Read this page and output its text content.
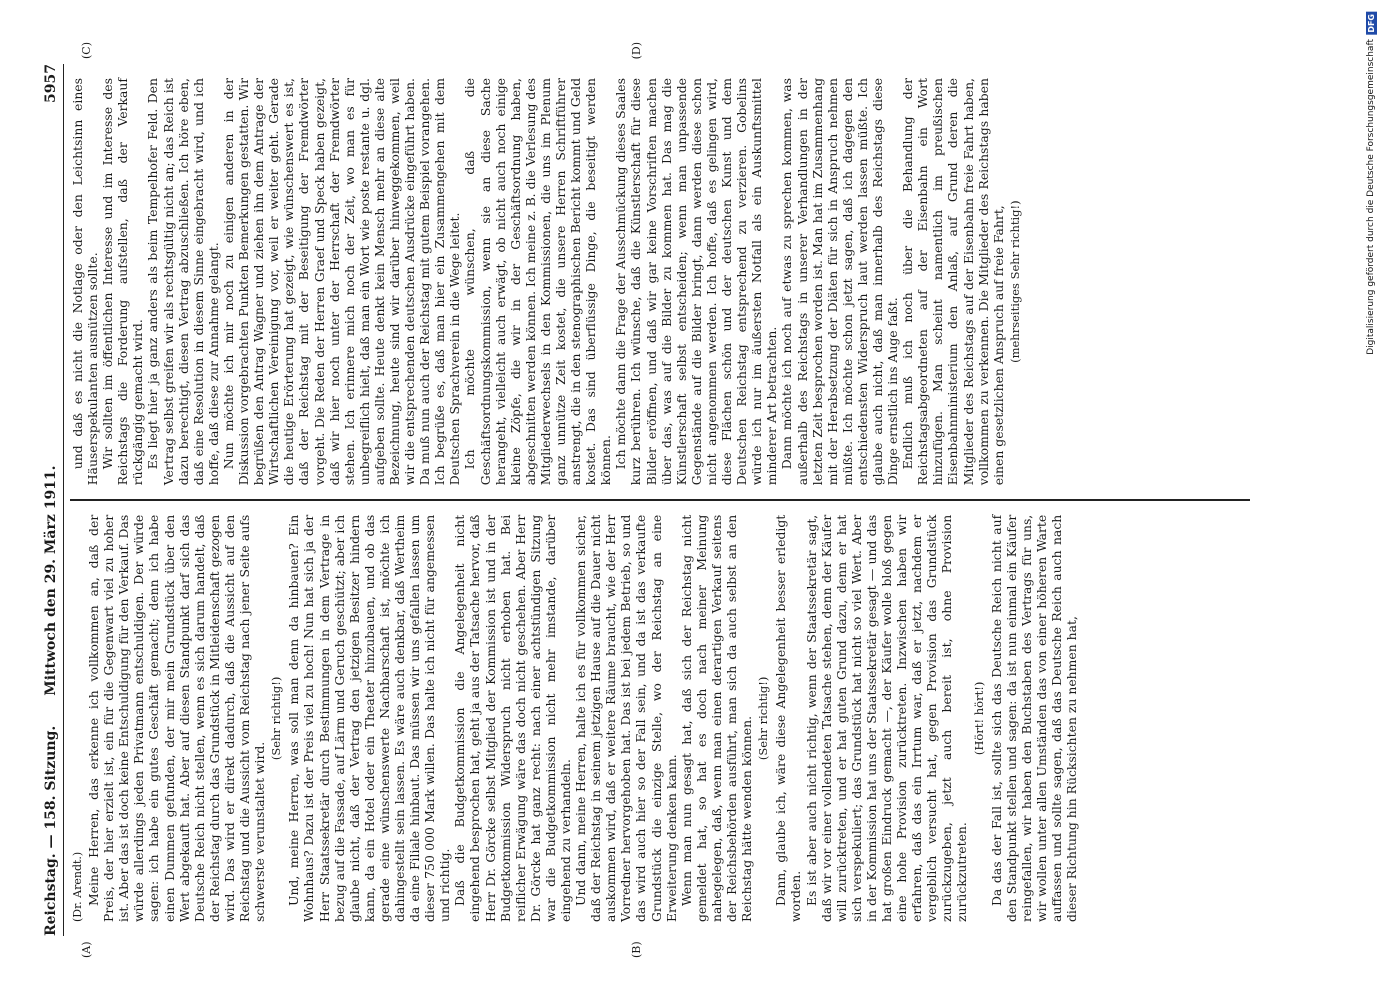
Reichstag. — 158. Sitzung.
Mittwoch den 29. März 1911.
5957
(A)	(B)
(C)	(D)

(Dr. Arendt.) Meine Herren, das erkenne ich vollkommen an, daß der Preis, der hier erzielt ist, ein für die Gegenwart viel zu hoher ist. Aber das ist doch keine Entschuldigung für den Verkauf. Das würde allerdings jeden Privatmann entschuldigen. Der würde sagen: ich habe ein gutes Geschäft gemacht; denn ich habe einen Dummen gefunden, der mir mein Grundstück über den Wert abgekauft hat. Aber auf diesen Standpunkt darf sich das Deutsche Reich nicht stellen, wenn es sich darum handelt, daß der Reichstag durch das Grundstück in Mitleidenschaft gezogen wird. Das wird er direkt dadurch, daß die Aussicht auf den Reichstag und die Aussicht vom Reichstag nach jener Seite aufs schwerste verunstaltet wird.

(Sehr richtig!) Und, meine Herren, was soll man denn da hinbauen? Ein Wohnhaus? Dazu ist der Preis viel zu hoch! Nun hat sich ja der Herr Staatssekretär durch Bestimmungen in dem Vertrage in bezug auf die Fassade, auf Lärm und Geruch geschützt; aber ich glaube nicht, daß der Vertrag den jetzigen Besitzer hindern kann, da ein Hotel oder ein Theater hinzubauen, und ob das gerade eine wünschenswerte Nachbarschaft ist, möchte ich dahingestellt sein lassen. Es wäre auch denkbar, daß Wertheim da eine Filiale hinbaut. Das müssen wir uns gefallen lassen um dieser 750 000 Mark willen. Das halte ich nicht für angemessen und richtig. Daß die Budgetkommission die Angelegenheit nicht eingehend besprochen hat, geht ja aus der Tatsache hervor, daß Herr Dr. Görcke selbst Mitglied der Kommission ist und in der Budgetkommission Widerspruch nicht erhoben hat. Bei reiflicher Erwägung wäre das doch nicht geschehen. Aber Herr Dr. Görcke hat ganz recht: nach einer achtstündigen Sitzung war die Budgetkommission nicht mehr imstande, darüber eingehend zu verhandeln. Und dann, meine Herren, halte ich es für vollkommen sicher, daß der Reichstag in seinem jetzigen Hause auf die Dauer nicht auskommen wird, daß er weitere Räume braucht, wie der Herr Vorredner hervorgehoben hat. Das ist bei jedem Betrieb, so und das wird auch hier so der Fall sein, und da ist das verkaufte Grundstück die einzige Stelle, wo der Reichstag an eine Erweiterung denken kann. Wenn man nun gesagt hat, daß sich der Reichstag nicht gemeldet hat, so hat es doch nach meiner Meinung nahegelegen, daß, wenn man einen derartigen Verkauf seitens der Reichsbehörden ausführt, man sich da auch selbst an den Reichstag hätte wenden können. (Sehr richtig!) Dann, glaube ich, wäre diese Angelegenheit besser erledigt worden. Es ist aber auch nicht richtig, wenn der Staatssekretär sagt, daß wir vor einer vollendeten Tatsache stehen, denn der Käufer will zurücktreten, und er hat guten Grund dazu, denn er hat sich verspekuliert; das Grundstück hat nicht so viel Wert. Aber in der Kommission hat uns der Staatssekretär gesagt — und das hat großen Eindruck gemacht —, der Käufer wolle bloß gegen eine hohe Provision zurücktreten. Inzwischen haben wir erfahren, daß das ein Irrtum war, daß er jetzt, nachdem er vergeblich versucht hat, gegen Provision das Grundstück zurückzugeben, jetzt auch bereit ist, ohne Provision zurückzutreten.

(Hört! hört!) Da das der Fall ist, sollte sich das Deutsche Reich nicht auf den Standpunkt stellen und sagen: da ist nun einmal ein Käufer reingefallen, wir haben den Buchstaben des Vertrags für uns, wir wollen unter allen Umständen das von einer höheren Warte auffassen und sollte sagen, daß das Deutsche Reich auch nach dieser Richtung hin Rücksichten zu nehmen hat,

und daß es nicht die Notlage oder den Leichtsinn eines Häuserspekulanten ausnützen sollte. Wir sollten im öffentlichen Interesse und im Interesse des Reichstags die Forderung aufstellen, daß der Verkauf rückgängig gemacht wird. Es liegt hier ja ganz anders als beim Tempelhofer Feld. Den Vertrag selbst greifen wir als rechtsgültig nicht an; das Reich ist dazu berechtigt, diesen Vertrag abzuschließen. Ich höre eben, daß eine Resolution in diesem Sinne eingebracht wird, und ich hoffe, daß diese zur Annahme gelangt. Nun möchte ich mir noch zu einigen anderen in der Diskussion vorgebrachten Punkten Bemerkungen gestatten. Wir begrüßen den Antrag Wagner und ziehen ihn dem Antrage der Wirtschaftlichen Vereinigung vor, weil er weiter geht. Gerade die heutige Erörterung hat gezeigt, wie wünschenswert es ist, daß der Reichstag mit der Beseitigung der Fremdwörter vorgeht. Die Reden der Herren Graef und Speck haben gezeigt, daß wir hier noch unter der Herrschaft der Fremdwörter stehen. Ich erinnere mich noch der Zeit, wo man es für unbegreiflich hielt, daß man ein Wort wie poste restante u. dgl. aufgeben sollte. Heute denkt kein Mensch mehr an diese alte Bezeichnung, heute sind wir darüber hinweggekommen, weil wir die entsprechenden deutschen Ausdrücke eingeführt haben. Da muß nun auch der Reichstag mit gutem Beispiel vorangehen. Ich begrüße es, daß man hier ein Zusammengehen mit dem Deutschen Sprachverein in die Wege leitet. Ich möchte wünschen, daß die Geschäftsordnungskommission, wenn sie an diese Sache herangeht, vielleicht auch erwägt, ob nicht auch noch einige kleine Zöpfe, die wir in der Geschäftsordnung haben, abgeschnitten werden können. Ich meine z. B. die Verlesung des Mitgliederwechsels in den Kommissionen, die uns im Plenum ganz unnütze Zeit kostet, die unsere Herren Schriftführer anstrengt, die in den stenographischen Bericht kommt und Geld kostet. Das sind überflüssige Dinge, die beseitigt werden können. Ich möchte dann die Frage der Ausschmückung dieses Saales kurz berühren. Ich wünsche, daß die Künstlerschaft für diese Bilder eröffnen, und daß wir gar keine Vorschriften machen über das, was auf die Bilder zu kommen hat. Das mag die Künstlerschaft selbst entscheiden; wenn man unpassende Gegenstände auf die Bilder bringt, dann werden diese schon nicht angenommen werden. Ich hoffe, daß es gelingen wird, diese Flächen schön und der deutschen Kunst und dem Deutschen Reichstag entsprechend zu verzieren. Gobelins würde ich nur im äußersten Notfall als ein Auskunftsmittel minderer Art betrachten. Dann möchte ich noch auf etwas zu sprechen kommen, was außerhalb des Reichstags in unserer Verhandlungen in der letzten Zeit besprochen worden ist. Man hat im Zusammenhang mit der Herabsetzung der Diäten für sich in Anspruch nehmen müßte. Ich möchte schon jetzt sagen, daß ich dagegen den entschiedensten Widerspruch laut werden lassen müßte. Ich glaube auch nicht, daß man innerhalb des Reichstags diese Dinge ernstlich ins Auge faßt. Endlich muß ich noch über die Behandlung der Reichstagsabgeordneten auf der Eisenbahn ein Wort hinzufügen. Man scheint namentlich im preußischen Eisenbahnministerium den Anlaß, auf Grund deren die Mitglieder des Reichstags auf der Eisenbahn freie Fahrt haben, vollkommen zu verkennen. Die Mitglieder des Reichstags haben einen gesetzlichen Anspruch auf freie Fahrt, (mehrseitiges Sehr richtig!)

DFG
Digitalisierung gefördert durch die Deutsche Forschungsgemeinschaft
